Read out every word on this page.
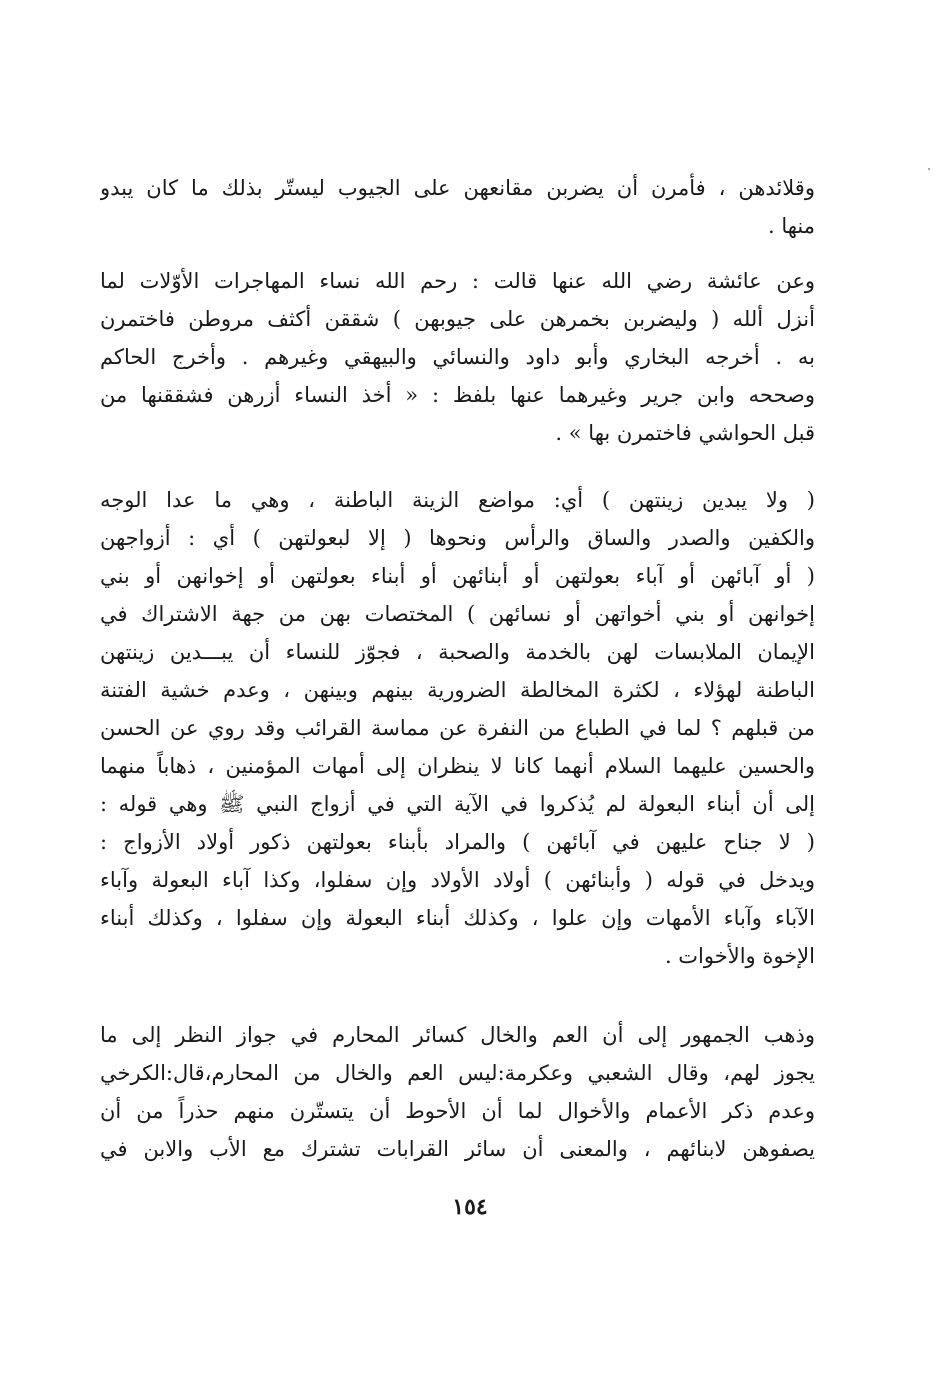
وقلائدهن ، فأمرن أن يضربن مقانعهن على الجيوب ليستّر بذلك ما كان يبدو
منها .
وعن عائشة رضي الله عنها قالت : رحم الله نساء المهاجرات الأوّلات لما
أنزل ألله ( وليضربن بخمرهن على جيوبهن ) شققن أكثف مروطن فاختمرن
به . أخرجه البخاري وأبو داود والنسائي والبيهقي وغيرهم . وأخرج الحاكم
وصححه وابن جرير وغيرهما عنها بلفظ : « أخذ النساء أزرهن فشققنها من
قبل الحواشي فاختمرن بها » .
( ولا يبدين زينتهن ) أي: مواضع الزينة الباطنة ، وهي ما عدا الوجه
والكفين والصدر والساق والرأس ونحوها ( إلا لبعولتهن ) أي : أزواجهن
( أو آبائهن أو آباء بعولتهن أو أبنائهن أو أبناء بعولتهن أو إخوانهن أو بني
إخوانهن أو بني أخواتهن أو نسائهن ) المختصات بهن من جهة الاشتراك في
الإيمان الملابسات لهن بالخدمة والصحبة ، فجوّز للنساء أن يبـــدين زينتهن
الباطنة لهؤلاء ، لكثرة المخالطة الضرورية بينهم وبينهن ، وعدم خشية الفتنة
من قبلهم ؟ لما في الطباع من النفرة عن مماسة القرائب وقد روي عن الحسن
والحسين عليهما السلام أنهما كانا لا ينظران إلى أمهات المؤمنين ، ذهاباً منهما
إلى أن أبناء البعولة لم يُذكروا في الآية التي في أزواج النبي ﷺ وهي قوله :
( لا جناح عليهن في آبائهن ) والمراد بأبناء بعولتهن ذكور أولاد الأزواج :
ويدخل في قوله ( وأبنائهن ) أولاد الأولاد وإن سفلوا، وكذا آباء البعولة وآباء
الآباء وآباء الأمهات وإن علوا ، وكذلك أبناء البعولة وإن سفلوا ، وكذلك أبناء
الإخوة والأخوات .
وذهب الجمهور إلى أن العم والخال كسائر المحارم في جواز النظر إلى ما
يجوز لهم، وقال الشعبي وعكرمة:ليس العم والخال من المحارم،قال:الكرخي
وعدم ذكر الأعمام والأخوال لما أن الأحوط أن يتستّرن منهم حذراً من أن
يصفوهن لابنائهم ، والمعنى أن سائر القرابات تشترك مع الأب والابن في
١٥٤
